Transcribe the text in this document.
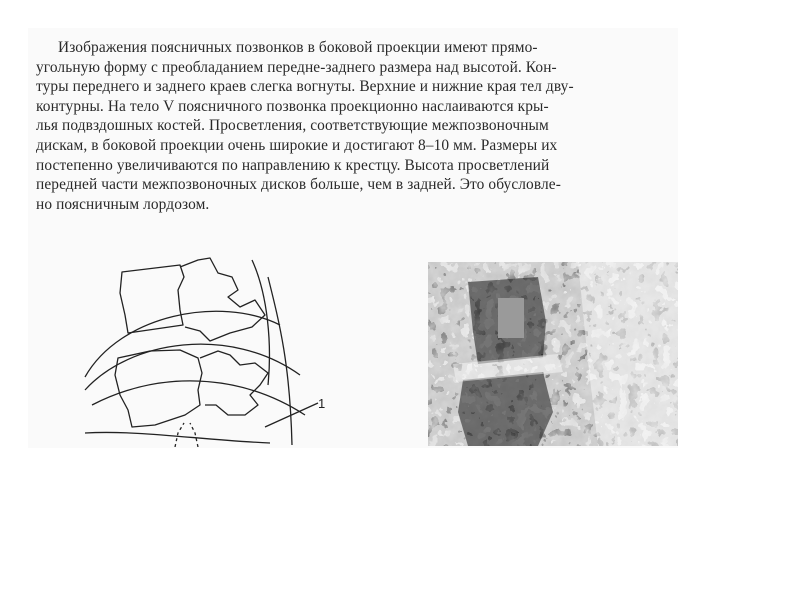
Изображения поясничных позвонков в боковой проекции имеют прямо-
угольную форму с преобладанием передне-заднего размера над высотой. Кон-
туры переднего и заднего краев слегка вогнуты. Верхние и нижние края тел дву-
контурны. На тело V поясничного позвонка проекционно наслаиваются кры-
лья подвздошных костей. Просветления, соответствующие межпозвоночным
дискам, в боковой проекции очень широкие и достигают 8–10 мм. Размеры их
постепенно увеличиваются по направлению к крестцу. Высота просветлений
передней части межпозвоночных дисков больше, чем в задней. Это обусловле-
но поясничным лордозом.
1
